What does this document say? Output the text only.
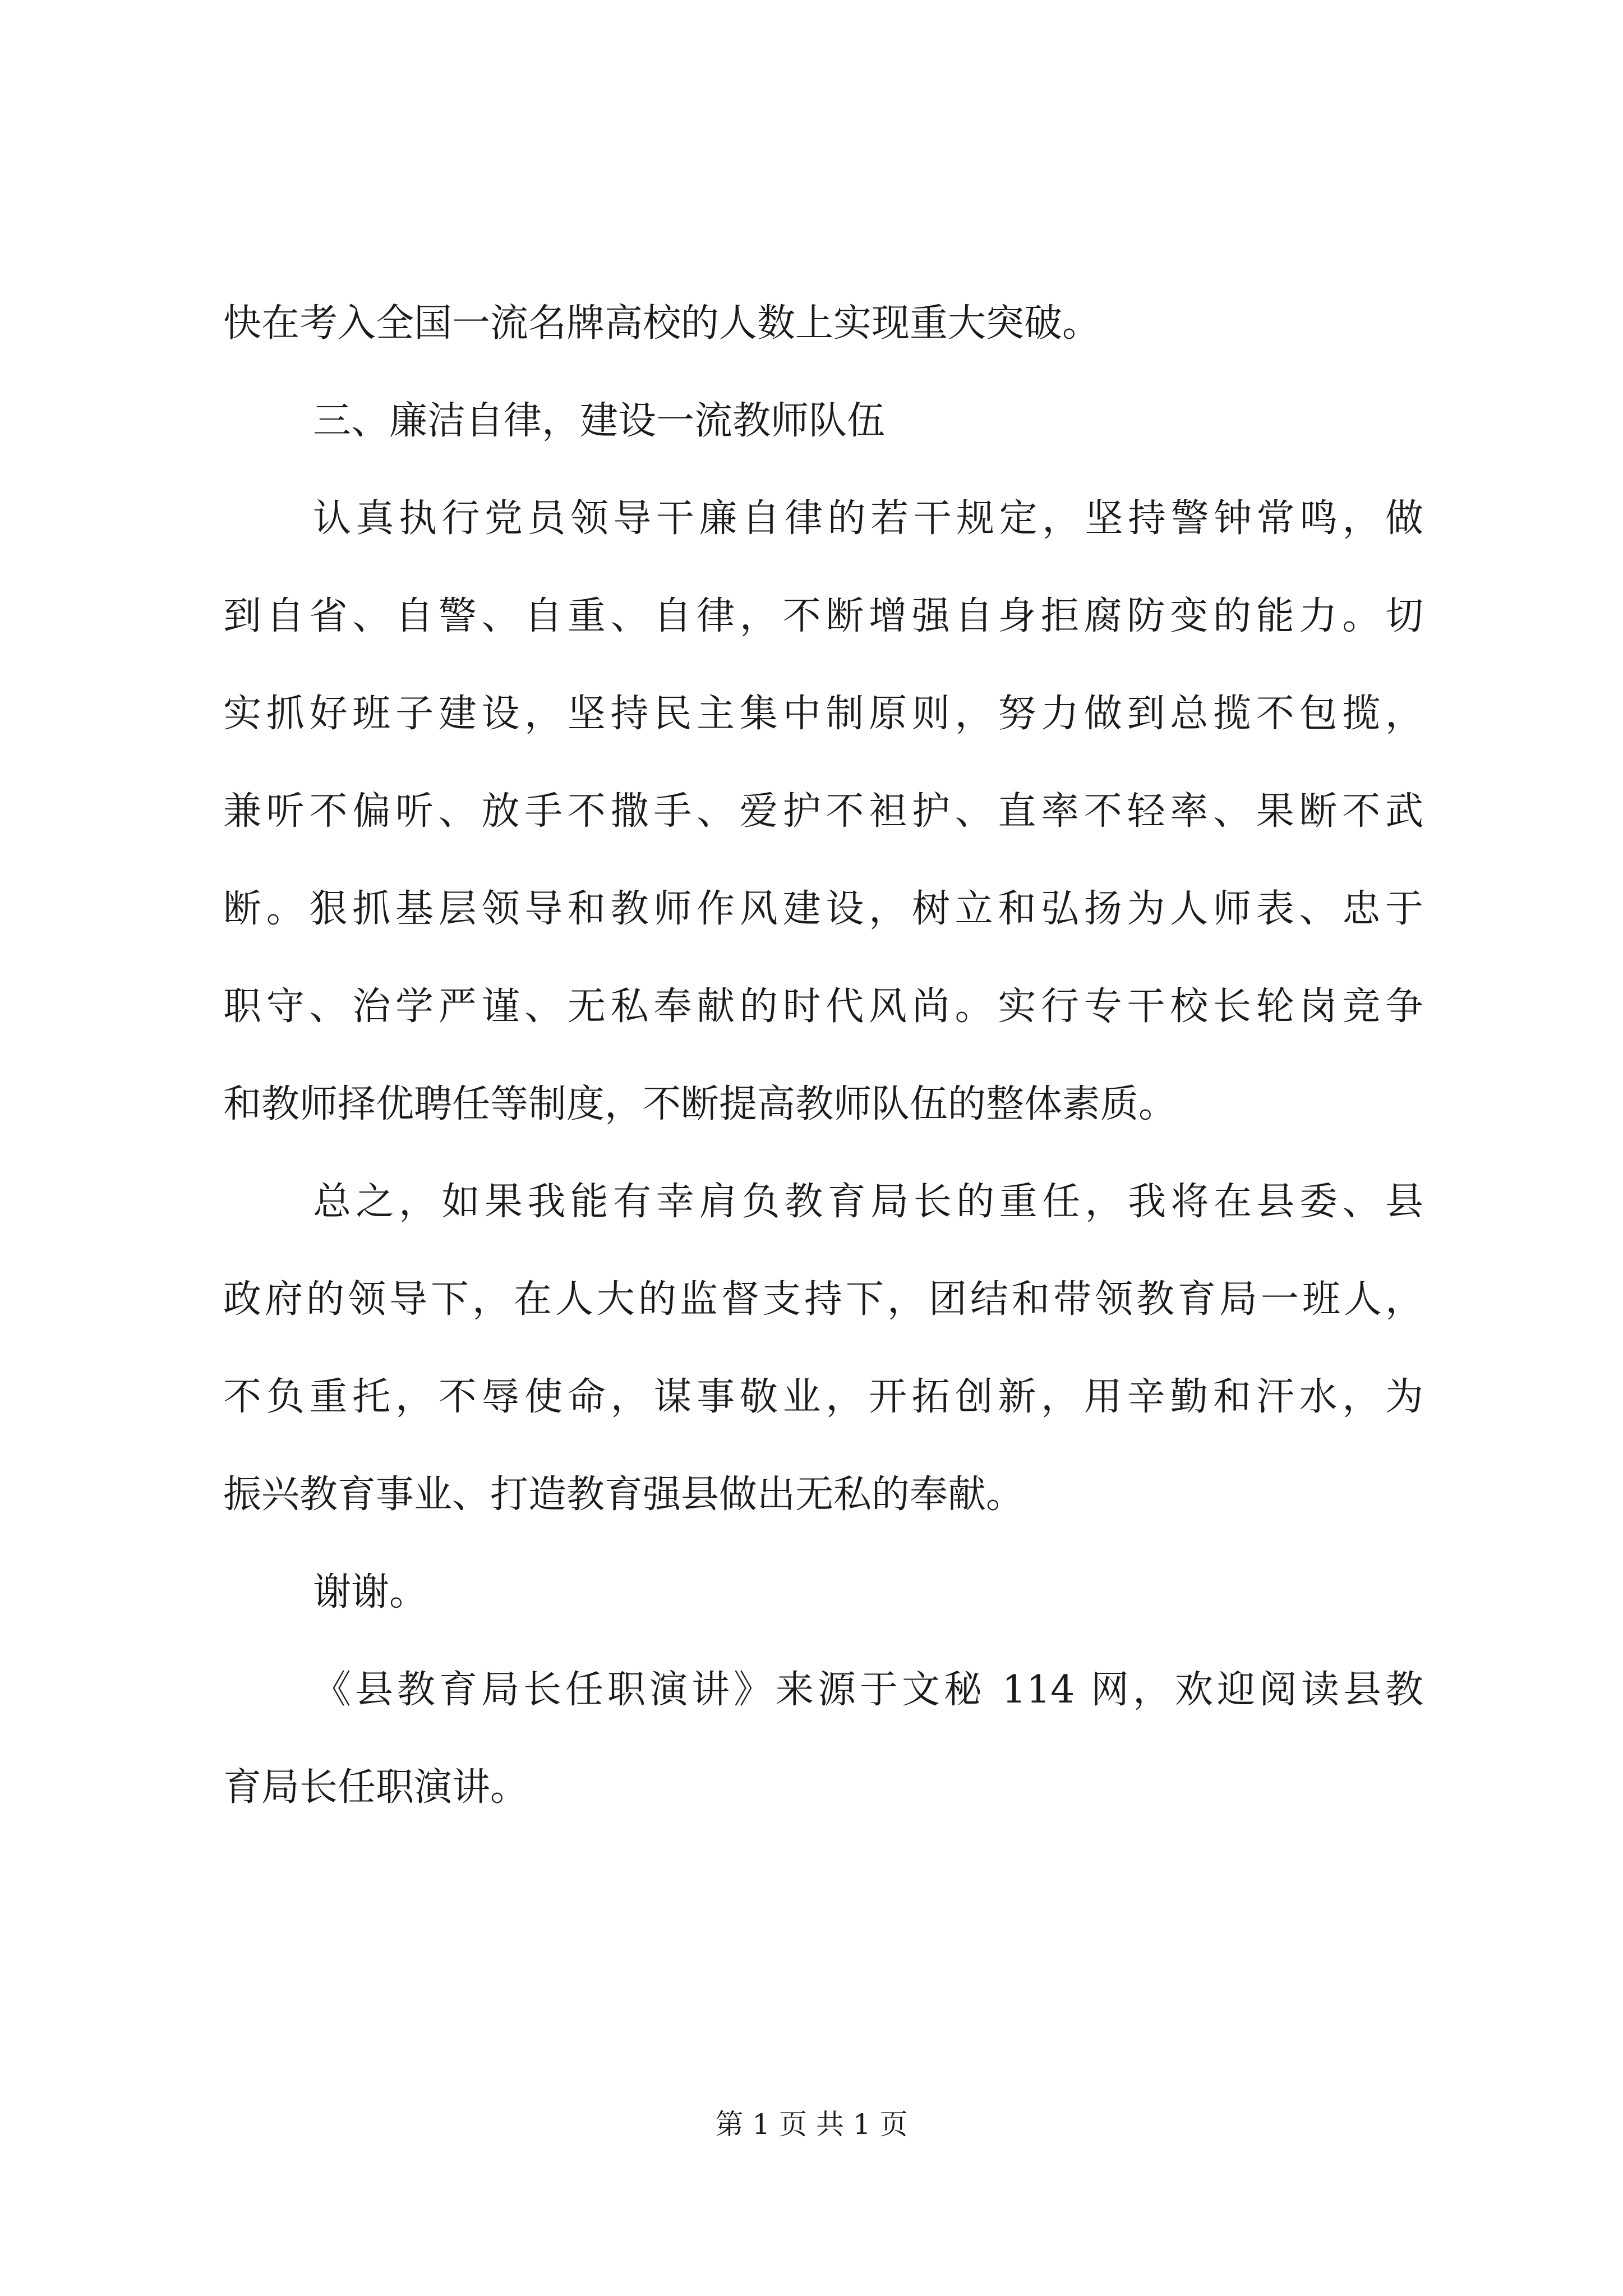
快在考入全国一流名牌高校的人数上实现重大突破。
三、廉洁自律，建设一流教师队伍
认真执行党员领导干廉自律的若干规定，坚持警钟常鸣，做
到自省、自警、自重、自律，不断增强自身拒腐防变的能力。切
实抓好班子建设，坚持民主集中制原则，努力做到总揽不包揽，
兼听不偏听、放手不撒手、爱护不袒护、直率不轻率、果断不武
断。狠抓基层领导和教师作风建设，树立和弘扬为人师表、忠于
职守、治学严谨、无私奉献的时代风尚。实行专干校长轮岗竞争
和教师择优聘任等制度，不断提高教师队伍的整体素质。
总之，如果我能有幸肩负教育局长的重任，我将在县委、县
政府的领导下，在人大的监督支持下，团结和带领教育局一班人，
不负重托，不辱使命，谋事敬业，开拓创新，用辛勤和汗水，为
振兴教育事业、打造教育强县做出无私的奉献。
谢谢。
《县教育局长任职演讲》来源于文秘 114 网，欢迎阅读县教
育局长任职演讲。
第 1 页 共 1 页
